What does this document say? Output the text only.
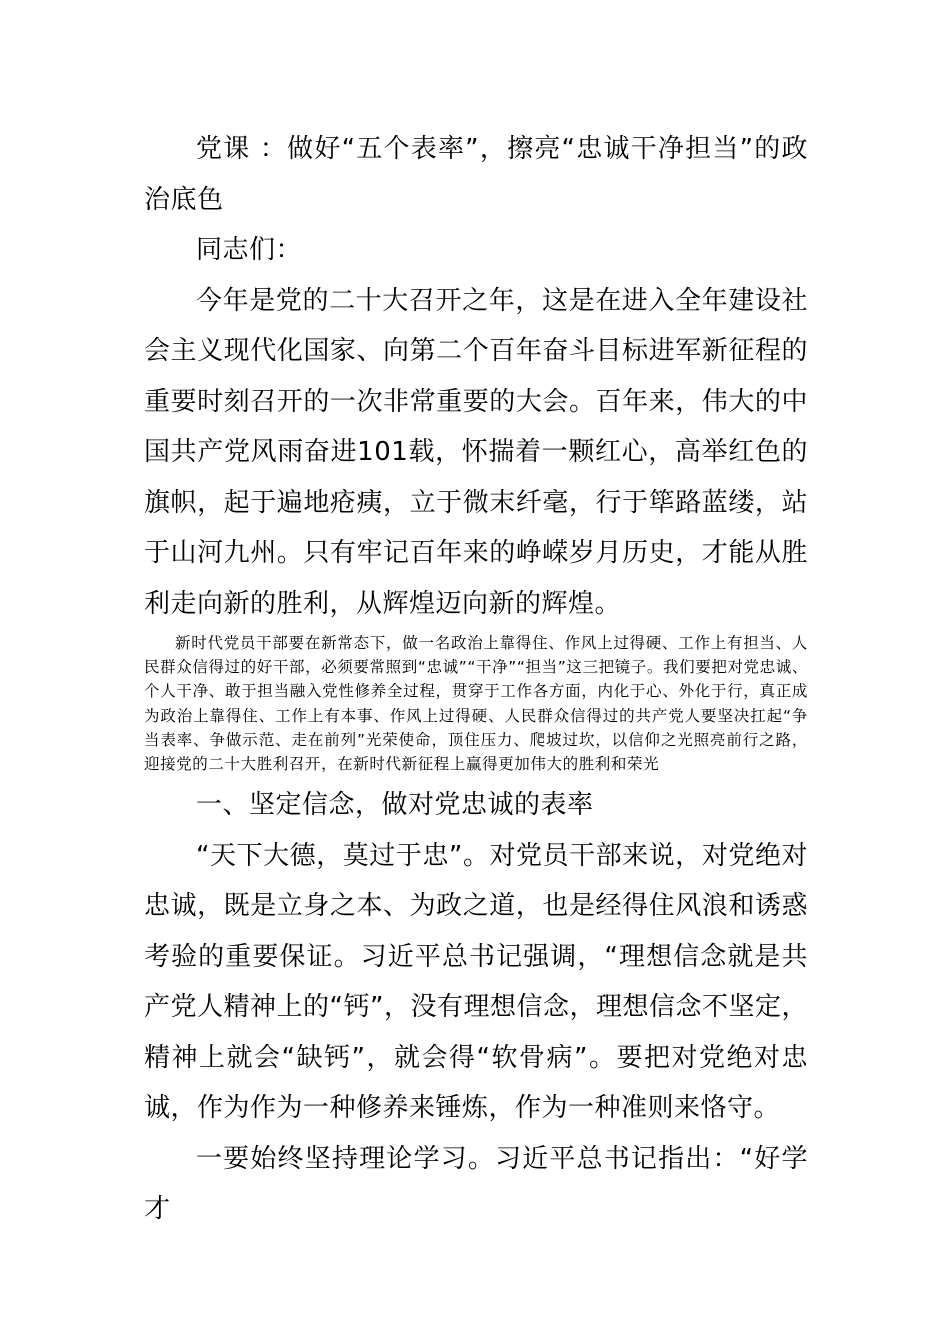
党课 ：做好“五个表率”，擦亮“忠诚干净担当”的政治底色

同志们：

今年是党的二十大召开之年，这是在进入全年建设社会主义现代化国家、向第二个百年奋斗目标进军新征程的重要时刻召开的一次非常重要的大会。百年来，伟大的中国共产党风雨奋进101载，怀揣着一颗红心，高举红色的旗帜，起于遍地疮痍，立于微末纤毫，行于筚路蓝缕，站于山河九州。只有牢记百年来的峥嵘岁月历史，才能从胜利走向新的胜利，从辉煌迈向新的辉煌。

新时代党员干部要在新常态下，做一名政治上靠得住、作风上过得硬、工作上有担当、人民群众信得过的好干部，必须要常照到“忠诚”“干净”“担当”这三把镜子。我们要把对党忠诚、个人干净、敢于担当融入党性修养全过程，贯穿于工作各方面，内化于心、外化于行，真正成为政治上靠得住、工作上有本事、作风上过得硬、人民群众信得过的共产党人要坚决扛起“争当表率、争做示范、走在前列”光荣使命，顶住压力、爬坡过坎，以信仰之光照亮前行之路，迎接党的二十大胜利召开，在新时代新征程上赢得更加伟大的胜利和荣光

一、坚定信念，做对党忠诚的表率

“天下大德，莫过于忠”。对党员干部来说，对党绝对忠诚，既是立身之本、为政之道，也是经得住风浪和诱惑考验的重要保证。习近平总书记强调，“理想信念就是共产党人精神上的“钙”，没有理想信念，理想信念不坚定，精神上就会“缺钙”，就会得“软骨病”。要把对党绝对忠诚，作为作为一种修养来锤炼，作为一种准则来恪守。

一要始终坚持理论学习。习近平总书记指出：“好学才
